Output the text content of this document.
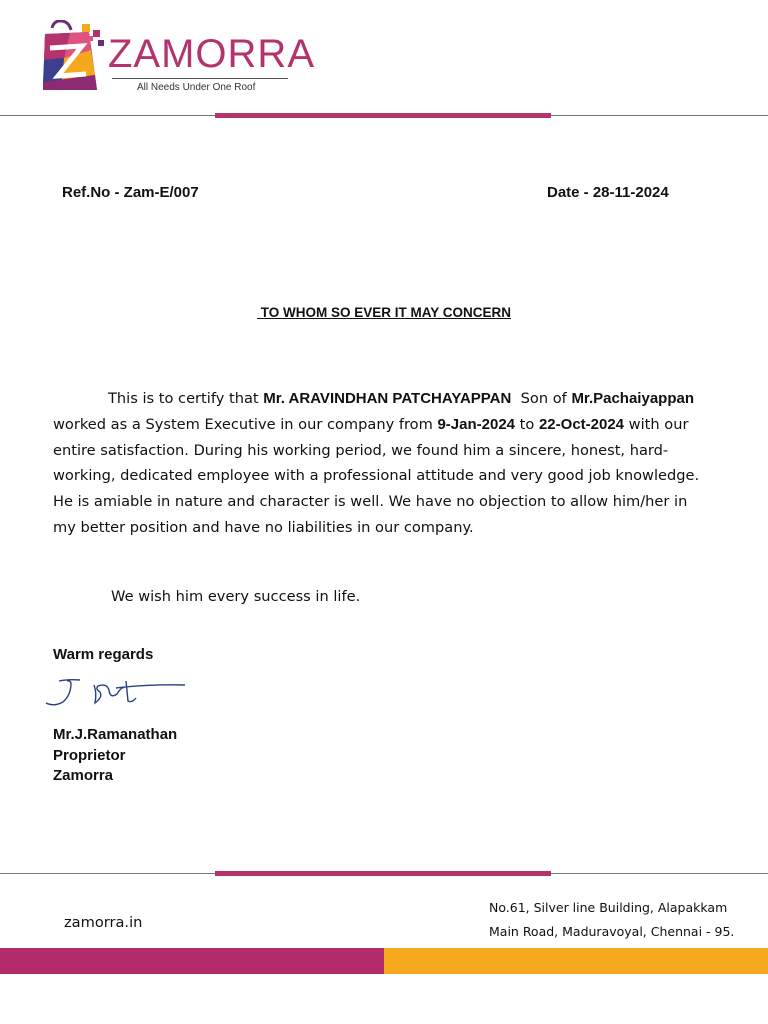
ZAMORRA
All Needs Under One Roof
Ref.No - Zam-E/007	Date - 28-11-2024
TO WHOM SO EVER IT MAY CONCERN
This is to certify that Mr. ARAVINDHAN PATCHAYAPPAN  Son of Mr.Pachaiyappan worked as a System Executive in our company from 9-Jan-2024 to 22-Oct-2024 with our entire satisfaction. During his working period, we found him a sincere, honest, hard- working, dedicated employee with a professional attitude and very good job knowledge. He is amiable in nature and character is well. We have no objection to allow him/her in my better position and have no liabilities in our company.
We wish him every success in life.
Warm regards
Mr.J.Ramanathan
Proprietor
Zamorra
zamorra.in
No.61, Silver line Building, Alapakkam
Main Road, Maduravoyal, Chennai - 95.
